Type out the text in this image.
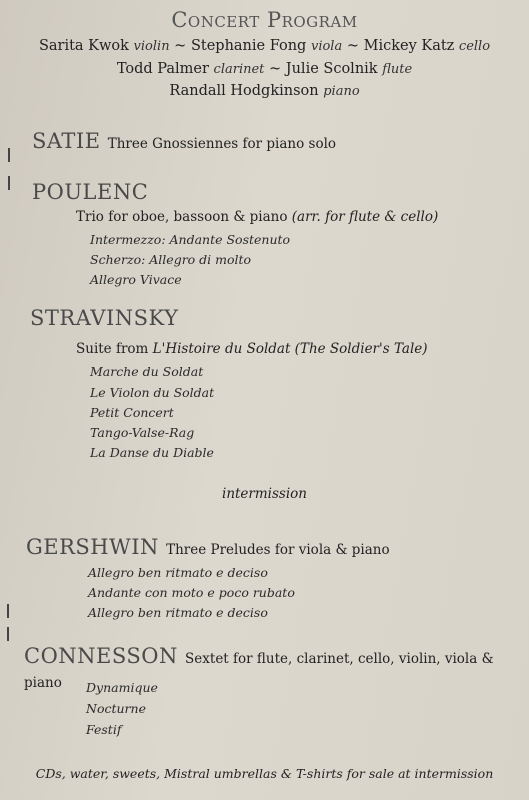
Concert Program
Sarita Kwok violin ~ Stephanie Fong viola ~ Mickey Katz cello
Todd Palmer clarinet ~ Julie Scolnik flute
Randall Hodgkinson piano
SATIE Three Gnossiennes for piano solo
POULENC
Trio for oboe, bassoon & piano (arr. for flute & cello)
Intermezzo: Andante Sostenuto
Scherzo: Allegro di molto
Allegro Vivace
STRAVINSKY
Suite from L'Histoire du Soldat (The Soldier's Tale)
Marche du Soldat
Le Violon du Soldat
Petit Concert
Tango-Valse-Rag
La Danse du Diable
intermission
GERSHWIN Three Preludes for viola & piano
Allegro ben ritmato e deciso
Andante con moto e poco rubato
Allegro ben ritmato e deciso
CONNESSON Sextet for flute, clarinet, cello, violin, viola & piano	Dynamique
Nocturne
Festif
CDs, water, sweets, Mistral umbrellas & T-shirts for sale at intermission
